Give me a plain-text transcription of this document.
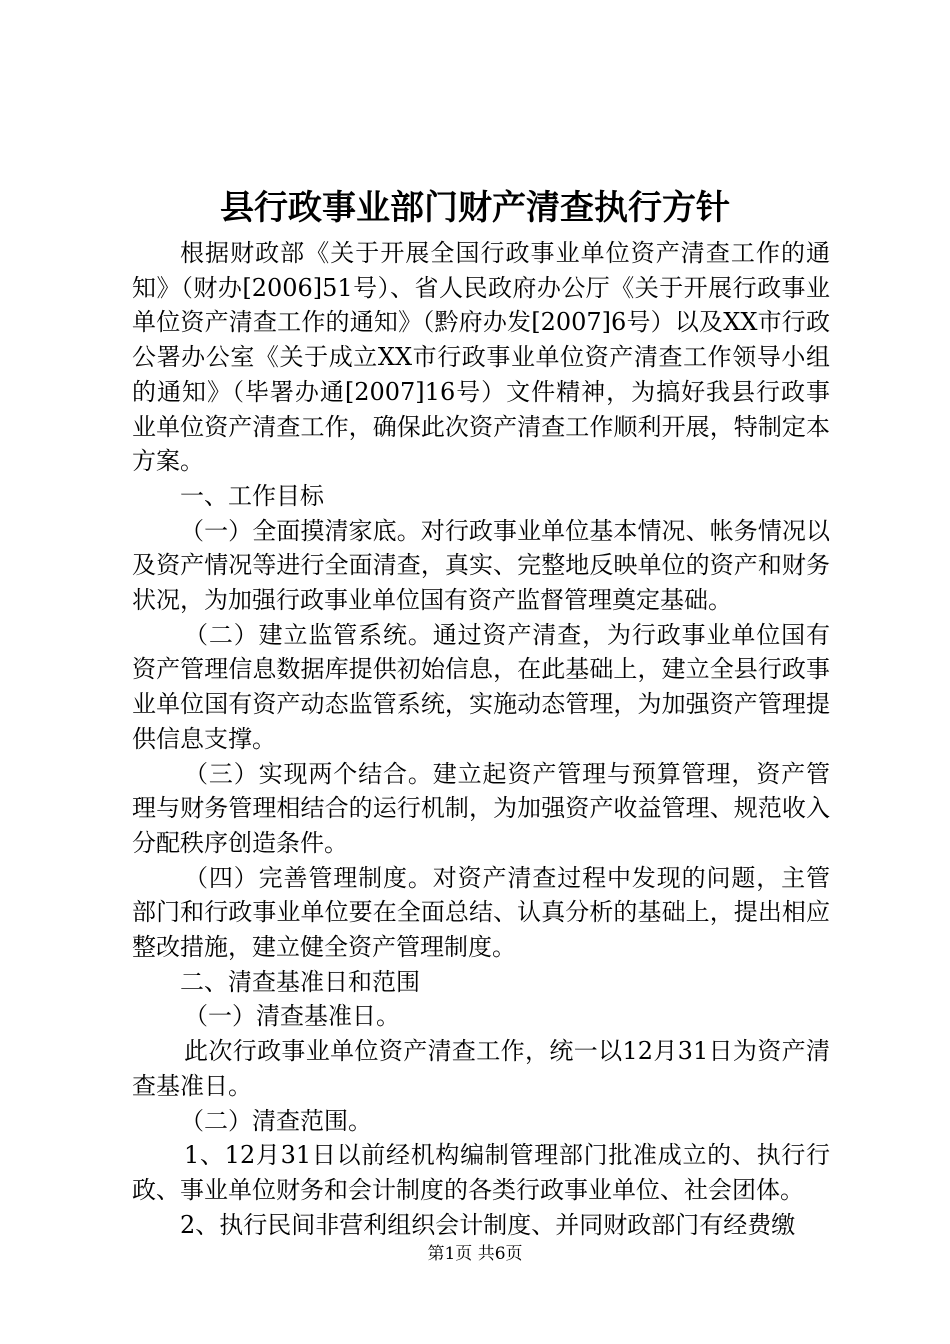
县行政事业部门财产清查执行方针

根据财政部《关于开展全国行政事业单位资产清查工作的通知》（财办[2006]51号）、省人民政府办公厅《关于开展行政事业单位资产清查工作的通知》（黔府办发[2007]6号）以及XX市行政公署办公室《关于成立XX市行政事业单位资产清查工作领导小组的通知》（毕署办通[2007]16号）文件精神，为搞好我县行政事业单位资产清查工作，确保此次资产清查工作顺利开展，特制定本方案。

一、工作目标

（一）全面摸清家底。对行政事业单位基本情况、帐务情况以及资产情况等进行全面清查，真实、完整地反映单位的资产和财务状况，为加强行政事业单位国有资产监督管理奠定基础。

（二）建立监管系统。通过资产清查，为行政事业单位国有资产管理信息数据库提供初始信息，在此基础上，建立全县行政事业单位国有资产动态监管系统，实施动态管理，为加强资产管理提供信息支撑。

（三）实现两个结合。建立起资产管理与预算管理，资产管理与财务管理相结合的运行机制，为加强资产收益管理、规范收入分配秩序创造条件。

（四）完善管理制度。对资产清查过程中发现的问题，主管部门和行政事业单位要在全面总结、认真分析的基础上，提出相应整改措施，建立健全资产管理制度。

二、清查基准日和范围

（一）清查基准日。

此次行政事业单位资产清查工作，统一以12月31日为资产清查基准日。

（二）清查范围。

1、12月31日以前经机构编制管理部门批准成立的、执行行政、事业单位财务和会计制度的各类行政事业单位、社会团体。

2、执行民间非营利组织会计制度、并同财政部门有经费缴

第1页 共6页
